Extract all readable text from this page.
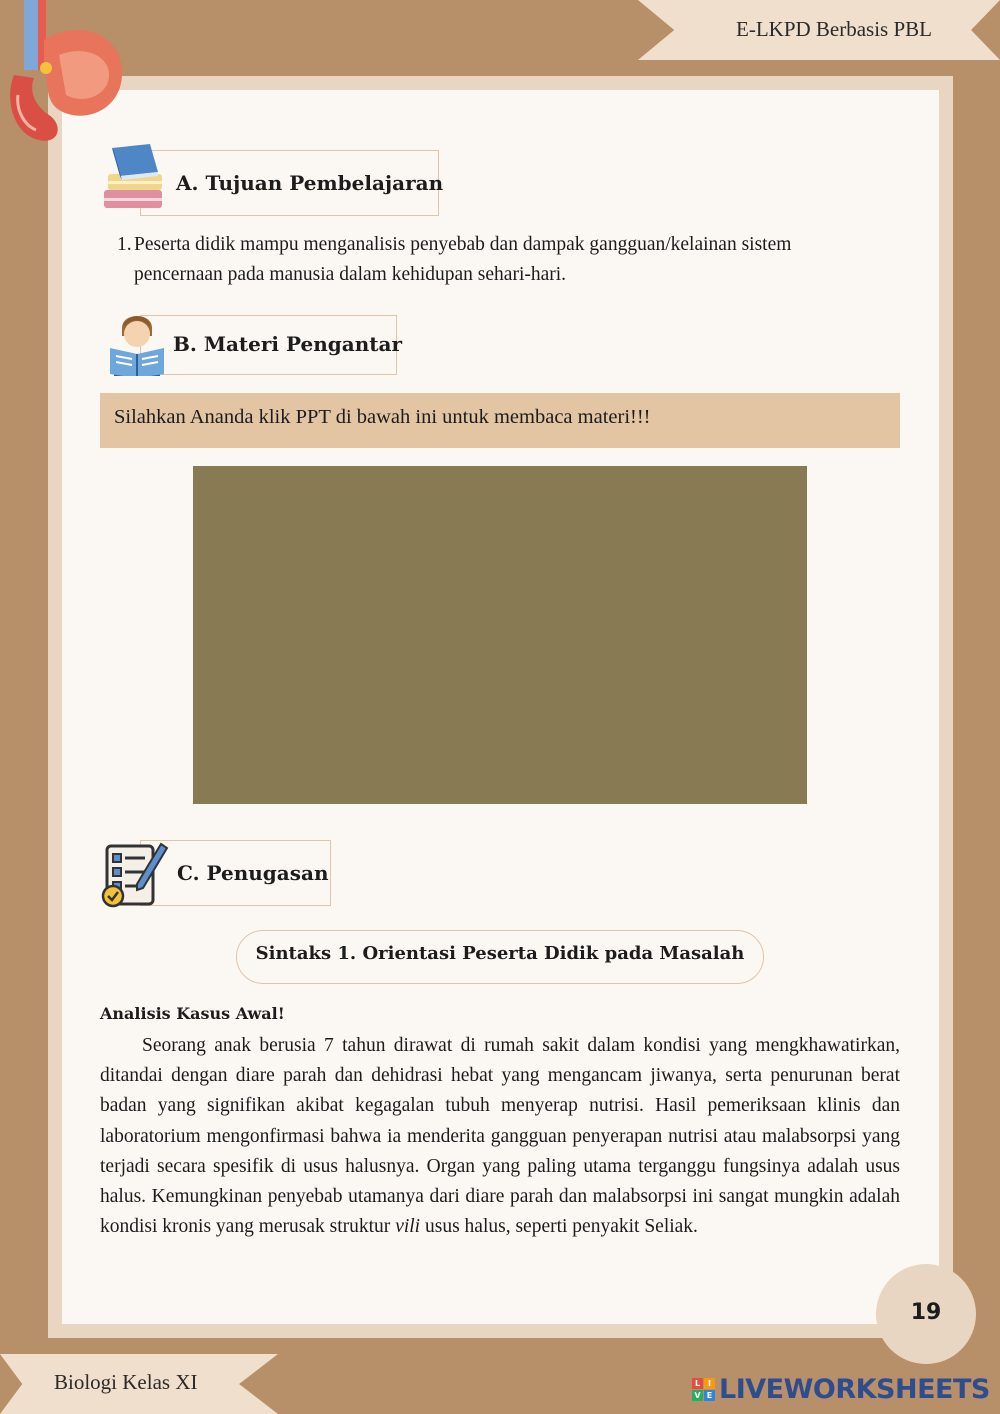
E-LKPD Berbasis PBL
A. Tujuan Pembelajaran
1. Peserta didik mampu menganalisis penyebab dan dampak gangguan/kelainan sistem
pencernaan pada manusia dalam kehidupan sehari-hari.
B. Materi Pengantar
Silahkan Ananda klik PPT di bawah ini untuk membaca materi!!!
C. Penugasan
Sintaks 1. Orientasi Peserta Didik pada Masalah
Analisis Kasus Awal!
Seorang anak berusia 7 tahun dirawat di rumah sakit dalam kondisi yang mengkhawatirkan, ditandai dengan diare parah dan dehidrasi hebat yang mengancam jiwanya, serta penurunan berat badan yang signifikan akibat kegagalan tubuh menyerap nutrisi. Hasil pemeriksaan klinis dan laboratorium mengonfirmasi bahwa ia menderita gangguan penyerapan nutrisi atau malabsorpsi yang terjadi secara spesifik di usus halusnya. Organ yang paling utama terganggu fungsinya adalah usus halus. Kemungkinan penyebab utamanya dari diare parah dan malabsorpsi ini sangat mungkin adalah kondisi kronis yang merusak struktur vili usus halus, seperti penyakit Seliak.
19
Biologi Kelas XI	L I
V E LIVEWORKSHEETS
